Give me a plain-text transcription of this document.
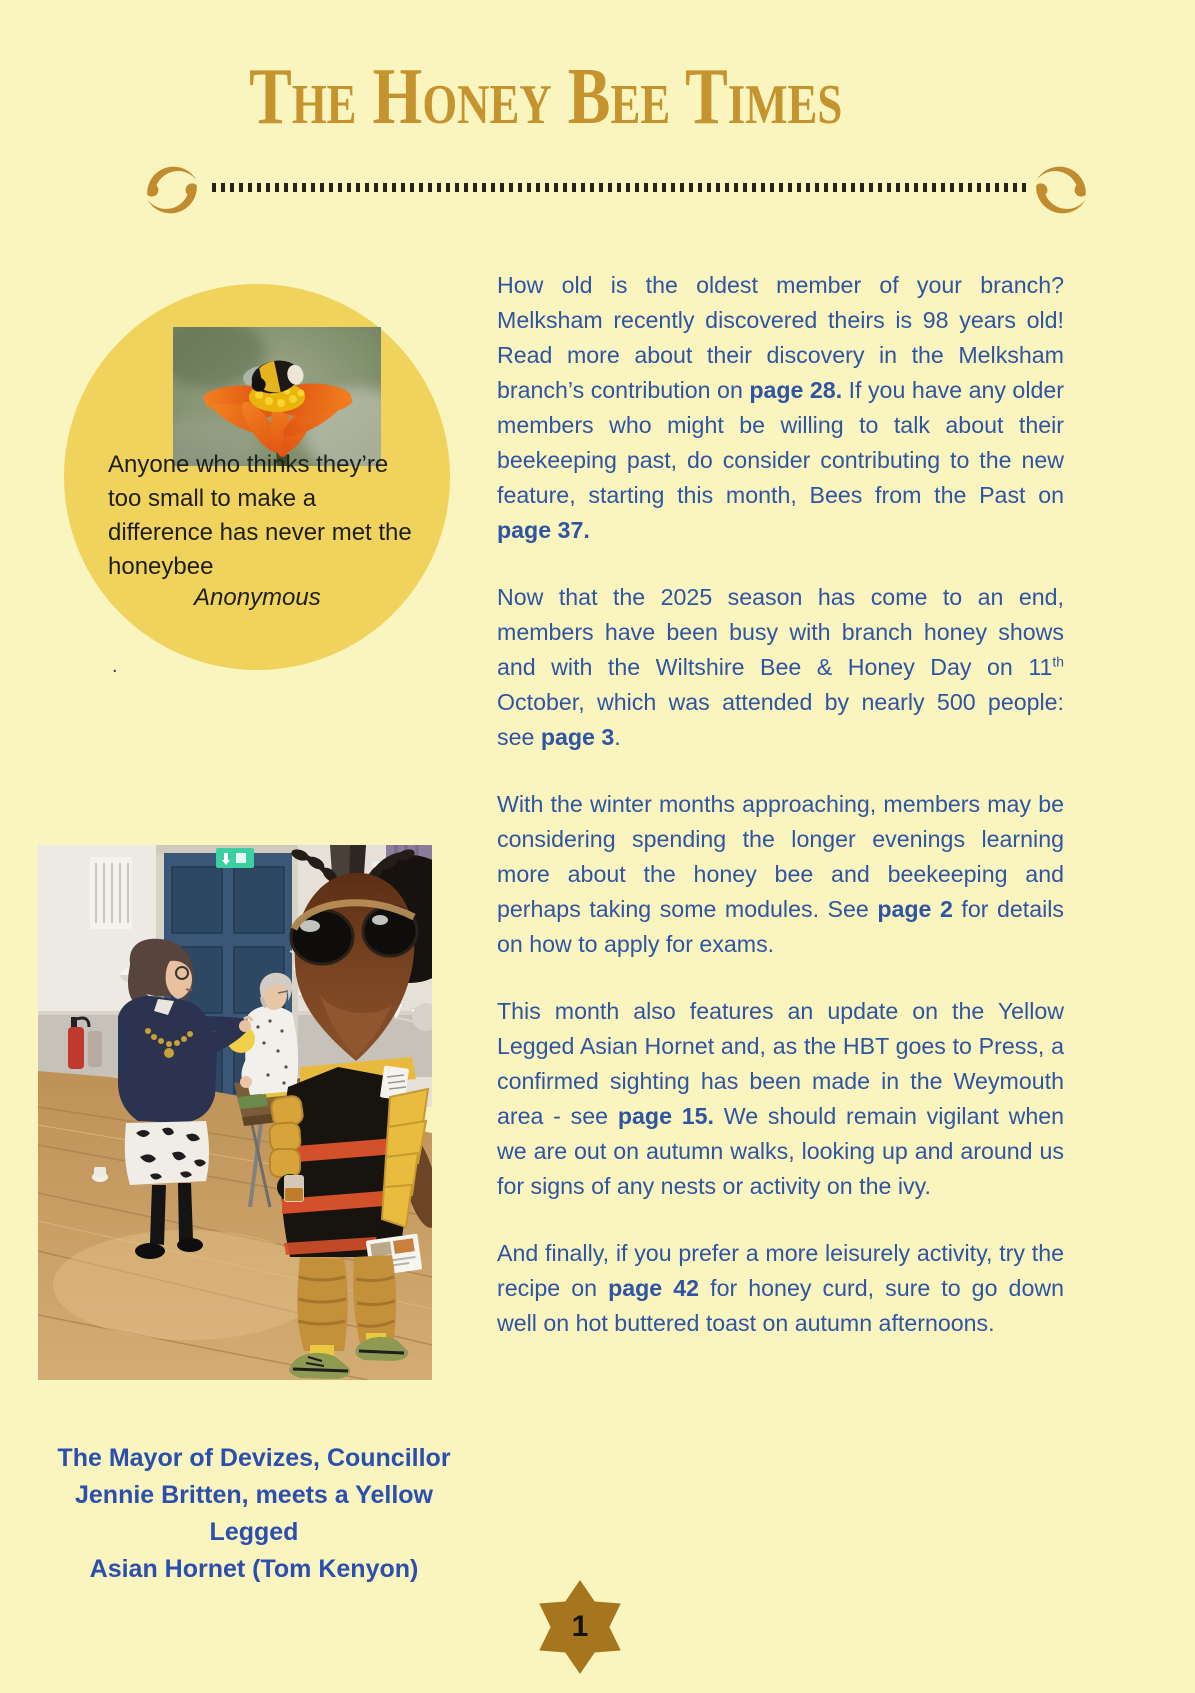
The Honey Bee Times
Anyone who thinks they’re too small to make a difference has never met the honeybee
Anonymous
.

How old is the oldest member of your branch? Melksham recently discovered theirs is 98 years old! Read more about their discovery in the Melksham branch’s contribution on page 28. If you have any older members who might be willing to talk about their beekeeping past, do consider contributing to the new feature, starting this month, Bees from the Past on page 37.

Now that the 2025 season has come to an end, members have been busy with branch honey shows and with the Wiltshire Bee & Honey Day on 11th October, which was attended by nearly 500 people: see page 3.

With the winter months approaching, members may be considering spending the longer evenings learning more about the honey bee and beekeeping and perhaps taking some modules. See page 2 for details on how to apply for exams.

This month also features an update on the Yellow Legged Asian Hornet and, as the HBT goes to Press, a confirmed sighting has been made in the Weymouth area - see page 15. We should remain vigilant when we are out on autumn walks, looking up and around us for signs of any nests or activity on the ivy.

And finally, if you prefer a more leisurely activity, try the recipe on page 42 for honey curd, sure to go down well on hot buttered toast on autumn afternoons.

The Mayor of Devizes, Councillor
Jennie Britten, meets a Yellow Legged
Asian Hornet (Tom Kenyon)
1
